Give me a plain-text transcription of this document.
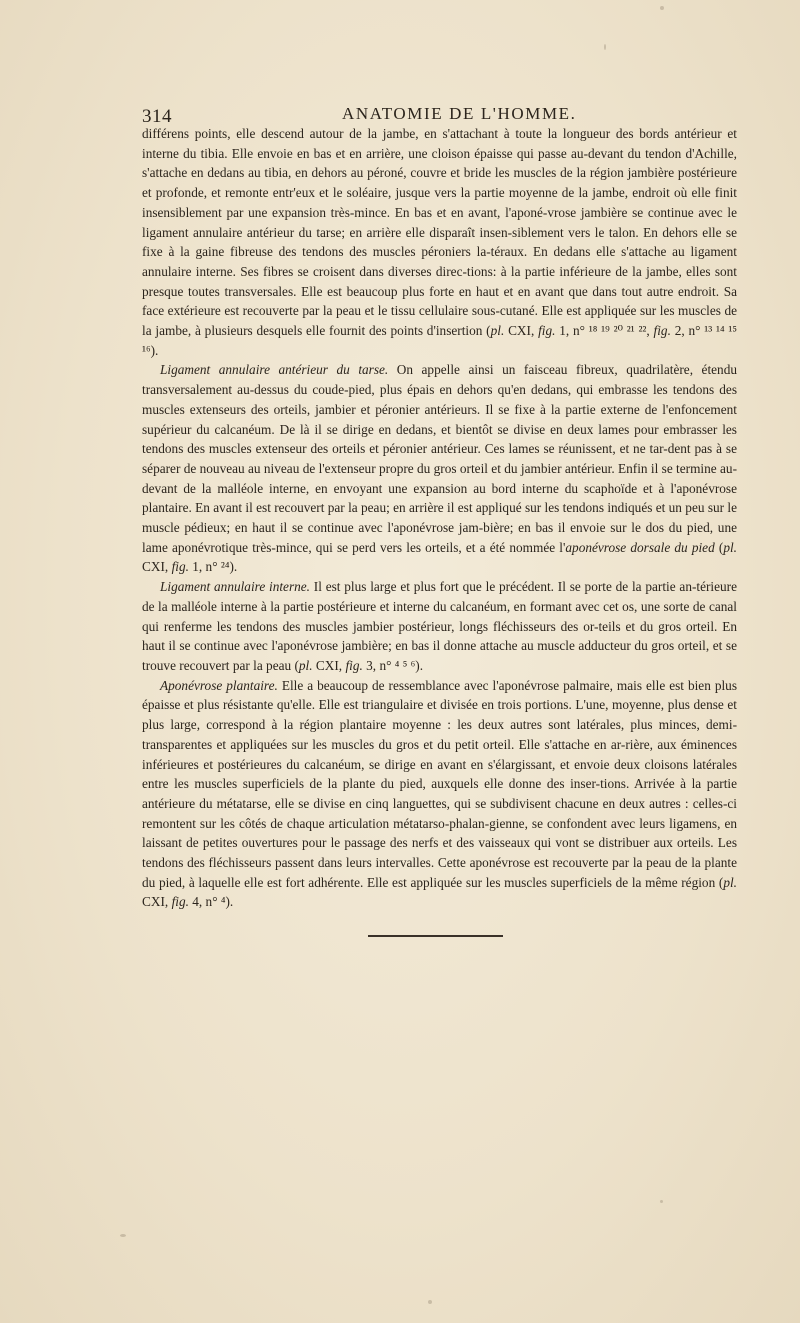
314	ANATOMIE DE L'HOMME.

différens points, elle descend autour de la jambe, en s'attachant à toute la longueur des bords antérieur et interne du tibia. Elle envoie en bas et en arrière, une cloison épaisse qui passe au-devant du tendon d'Achille, s'attache en dedans au tibia, en dehors au péroné, couvre et bride les muscles de la région jambière postérieure et profonde, et remonte entr'eux et le soléaire, jusque vers la partie moyenne de la jambe, endroit où elle finit insensiblement par une expansion très-mince. En bas et en avant, l'aponé-vrose jambière se continue avec le ligament annulaire antérieur du tarse; en arrière elle disparaît insen-siblement vers le talon. En dehors elle se fixe à la gaine fibreuse des tendons des muscles péroniers la-téraux. En dedans elle s'attache au ligament annulaire interne. Ses fibres se croisent dans diverses direc-tions: à la partie inférieure de la jambe, elles sont presque toutes transversales. Elle est beaucoup plus forte en haut et en avant que dans tout autre endroit. Sa face extérieure est recouverte par la peau et le tissu cellulaire sous-cutané. Elle est appliquée sur les muscles de la jambe, à plusieurs desquels elle fournit des points d'insertion (pl. CXI, fig. 1, n° ¹⁸ ¹⁹ ²⁰ ²¹ ²², fig. 2, n° ¹³ ¹⁴ ¹⁵ ¹⁶).

Ligament annulaire antérieur du tarse. On appelle ainsi un faisceau fibreux, quadrilatère, étendu transversalement au-dessus du coude-pied, plus épais en dehors qu'en dedans, qui embrasse les tendons des muscles extenseurs des orteils, jambier et péronier antérieurs. Il se fixe à la partie externe de l'enfoncement supérieur du calcanéum. De là il se dirige en dedans, et bientôt se divise en deux lames pour embrasser les tendons des muscles extenseur des orteils et péronier antérieur. Ces lames se réunissent, et ne tar-dent pas à se séparer de nouveau au niveau de l'extenseur propre du gros orteil et du jambier antérieur. Enfin il se termine au-devant de la malléole interne, en envoyant une expansion au bord interne du scaphoïde et à l'aponévrose plantaire. En avant il est recouvert par la peau; en arrière il est appliqué sur les tendons indiqués et un peu sur le muscle pédieux; en haut il se continue avec l'aponévrose jam-bière; en bas il envoie sur le dos du pied, une lame aponévrotique très-mince, qui se perd vers les orteils, et a été nommée l'aponévrose dorsale du pied (pl. CXI, fig. 1, n° ²⁴).

Ligament annulaire interne. Il est plus large et plus fort que le précédent. Il se porte de la partie an-térieure de la malléole interne à la partie postérieure et interne du calcanéum, en formant avec cet os, une sorte de canal qui renferme les tendons des muscles jambier postérieur, longs fléchisseurs des or-teils et du gros orteil. En haut il se continue avec l'aponévrose jambière; en bas il donne attache au muscle adducteur du gros orteil, et se trouve recouvert par la peau (pl. CXI, fig. 3, n° ⁴ ⁵ ⁶).

Aponévrose plantaire. Elle a beaucoup de ressemblance avec l'aponévrose palmaire, mais elle est bien plus épaisse et plus résistante qu'elle. Elle est triangulaire et divisée en trois portions. L'une, moyenne, plus dense et plus large, correspond à la région plantaire moyenne : les deux autres sont latérales, plus minces, demi-transparentes et appliquées sur les muscles du gros et du petit orteil. Elle s'attache en ar-rière, aux éminences inférieures et postérieures du calcanéum, se dirige en avant en s'élargissant, et envoie deux cloisons latérales entre les muscles superficiels de la plante du pied, auxquels elle donne des inser-tions. Arrivée à la partie antérieure du métatarse, elle se divise en cinq languettes, qui se subdivisent chacune en deux autres : celles-ci remontent sur les côtés de chaque articulation métatarso-phalan-gienne, se confondent avec leurs ligamens, en laissant de petites ouvertures pour le passage des nerfs et des vaisseaux qui vont se distribuer aux orteils. Les tendons des fléchisseurs passent dans leurs intervalles. Cette aponévrose est recouverte par la peau de la plante du pied, à laquelle elle est fort adhérente. Elle est appliquée sur les muscles superficiels de la même région (pl. CXI, fig. 4, n° ⁴).
